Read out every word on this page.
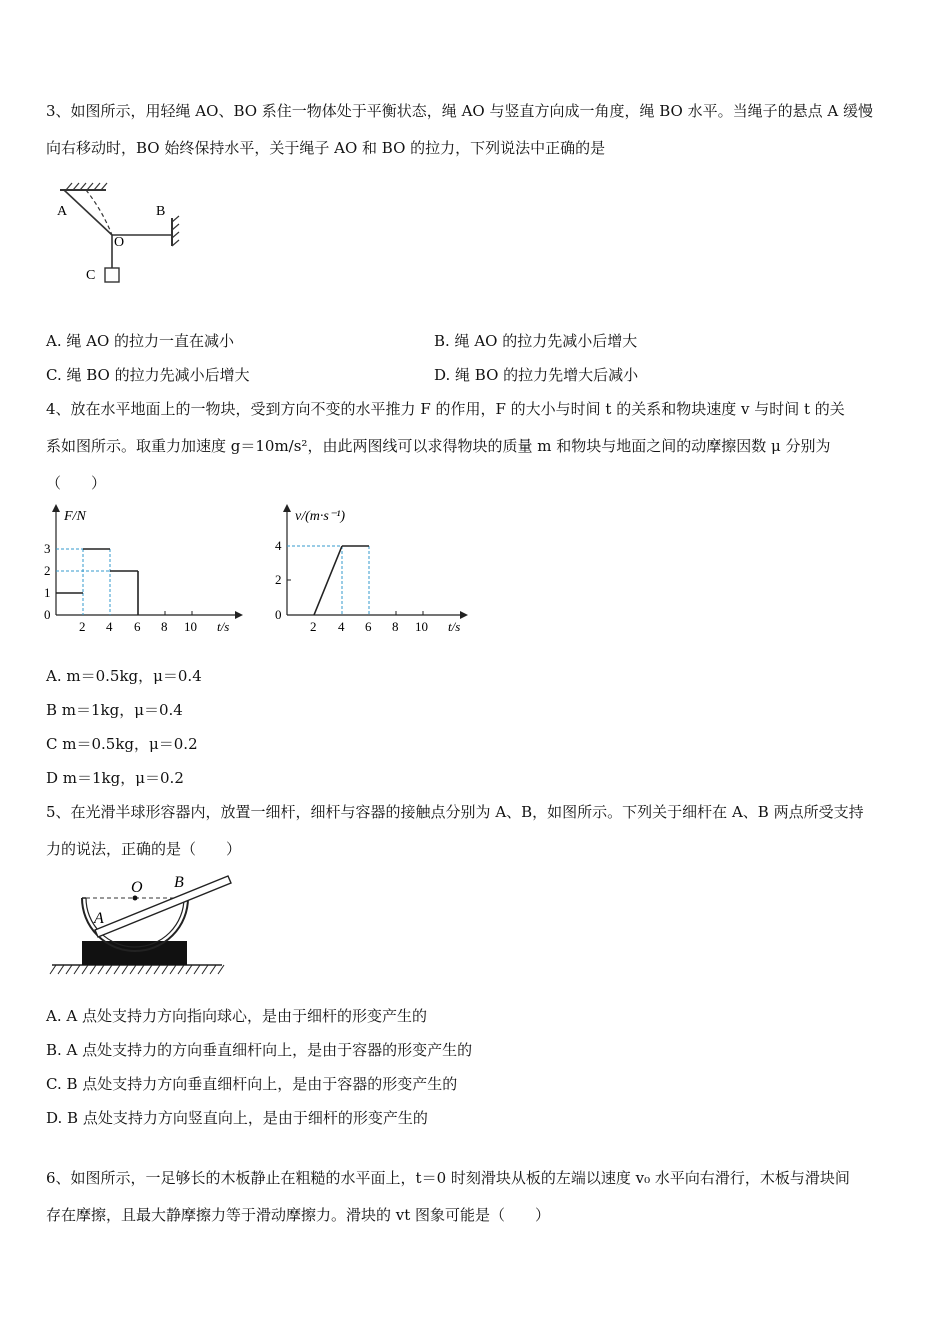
3、如图所示，用轻绳 AO、BO 系住一物体处于平衡状态，绳 AO 与竖直方向成一角度，绳 BO 水平。当绳子的悬点 A 缓慢
向右移动时，BO 始终保持水平，关于绳子 AO 和 BO 的拉力，下列说法中正确的是
A	B
O
C
A. 绳 AO 的拉力一直在减小	B. 绳 AO 的拉力先减小后增大
C. 绳 BO 的拉力先减小后增大	D. 绳 BO 的拉力先增大后减小
4、放在水平地面上的一物块，受到方向不变的水平推力 F 的作用，F 的大小与时间 t 的关系和物块速度 v 与时间 t 的关
系如图所示。取重力加速度 g＝10m/s²，由此两图线可以求得物块的质量 m 和物块与地面之间的动摩擦因数 μ 分别为
（　　）
F/N
3
2
1
0
2 4 6 8 10 t/s
v/(m·s⁻¹)
4
2
0
2 4 6 8 10 t/s
A. m＝0.5kg，μ＝0.4
B m＝1kg，μ＝0.4
C m＝0.5kg，μ＝0.2
D m＝1kg，μ＝0.2
5、在光滑半球形容器内，放置一细杆，细杆与容器的接触点分别为 A、B，如图所示。下列关于细杆在 A、B 两点所受支持
力的说法，正确的是（　　）
O B
A
A. A 点处支持力方向指向球心，是由于细杆的形变产生的
B. A 点处支持力的方向垂直细杆向上，是由于容器的形变产生的
C. B 点处支持力方向垂直细杆向上，是由于容器的形变产生的
D. B 点处支持力方向竖直向上，是由于细杆的形变产生的
6、如图所示，一足够长的木板静止在粗糙的水平面上，t＝0 时刻滑块从板的左端以速度 v₀ 水平向右滑行，木板与滑块间
存在摩擦，且最大静摩擦力等于滑动摩擦力。滑块的 vt 图象可能是（　　）
